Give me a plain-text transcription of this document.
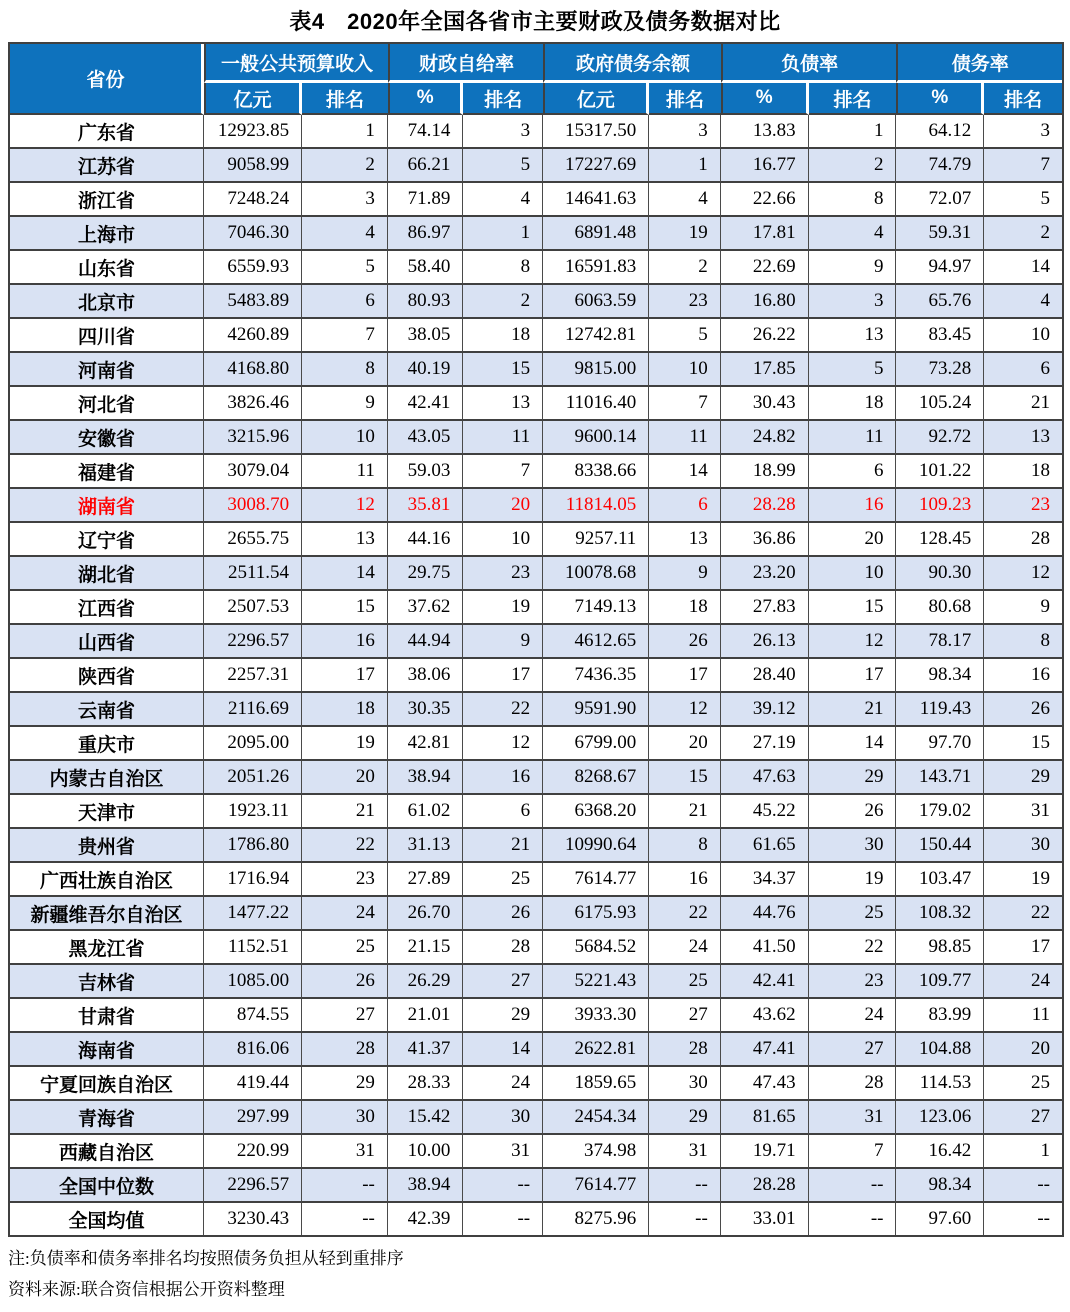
表4　2020年全国各省市主要财政及债务数据对比
省份	一般公共预算收入		财政自给率		政府债务余额		负债率		债务率	
	亿元	排名	%	排名	亿元	排名	%	排名	%	排名
广东省	12923.85	1	74.14	3	15317.50	3	13.83	1	64.12	3
江苏省	9058.99	2	66.21	5	17227.69	1	16.77	2	74.79	7
浙江省	7248.24	3	71.89	4	14641.63	4	22.66	8	72.07	5
上海市	7046.30	4	86.97	1	6891.48	19	17.81	4	59.31	2
山东省	6559.93	5	58.40	8	16591.83	2	22.69	9	94.97	14
北京市	5483.89	6	80.93	2	6063.59	23	16.80	3	65.76	4
四川省	4260.89	7	38.05	18	12742.81	5	26.22	13	83.45	10
河南省	4168.80	8	40.19	15	9815.00	10	17.85	5	73.28	6
河北省	3826.46	9	42.41	13	11016.40	7	30.43	18	105.24	21
安徽省	3215.96	10	43.05	11	9600.14	11	24.82	11	92.72	13
福建省	3079.04	11	59.03	7	8338.66	14	18.99	6	101.22	18
湖南省	3008.70	12	35.81	20	11814.05	6	28.28	16	109.23	23
辽宁省	2655.75	13	44.16	10	9257.11	13	36.86	20	128.45	28
湖北省	2511.54	14	29.75	23	10078.68	9	23.20	10	90.30	12
江西省	2507.53	15	37.62	19	7149.13	18	27.83	15	80.68	9
山西省	2296.57	16	44.94	9	4612.65	26	26.13	12	78.17	8
陕西省	2257.31	17	38.06	17	7436.35	17	28.40	17	98.34	16
云南省	2116.69	18	30.35	22	9591.90	12	39.12	21	119.43	26
重庆市	2095.00	19	42.81	12	6799.00	20	27.19	14	97.70	15
内蒙古自治区	2051.26	20	38.94	16	8268.67	15	47.63	29	143.71	29
天津市	1923.11	21	61.02	6	6368.20	21	45.22	26	179.02	31
贵州省	1786.80	22	31.13	21	10990.64	8	61.65	30	150.44	30
广西壮族自治区	1716.94	23	27.89	25	7614.77	16	34.37	19	103.47	19
新疆维吾尔自治区	1477.22	24	26.70	26	6175.93	22	44.76	25	108.32	22
黑龙江省	1152.51	25	21.15	28	5684.52	24	41.50	22	98.85	17
吉林省	1085.00	26	26.29	27	5221.43	25	42.41	23	109.77	24
甘肃省	874.55	27	21.01	29	3933.30	27	43.62	24	83.99	11
海南省	816.06	28	41.37	14	2622.81	28	47.41	27	104.88	20
宁夏回族自治区	419.44	29	28.33	24	1859.65	30	47.43	28	114.53	25
青海省	297.99	30	15.42	30	2454.34	29	81.65	31	123.06	27
西藏自治区	220.99	31	10.00	31	374.98	31	19.71	7	16.42	1
全国中位数	2296.57	--	38.94	--	7614.77	--	28.28	--	98.34	--
全国均值	3230.43	--	42.39	--	8275.96	--	33.01	--	97.60	--
注:负债率和债务率排名均按照债务负担从轻到重排序
资料来源:联合资信根据公开资料整理
